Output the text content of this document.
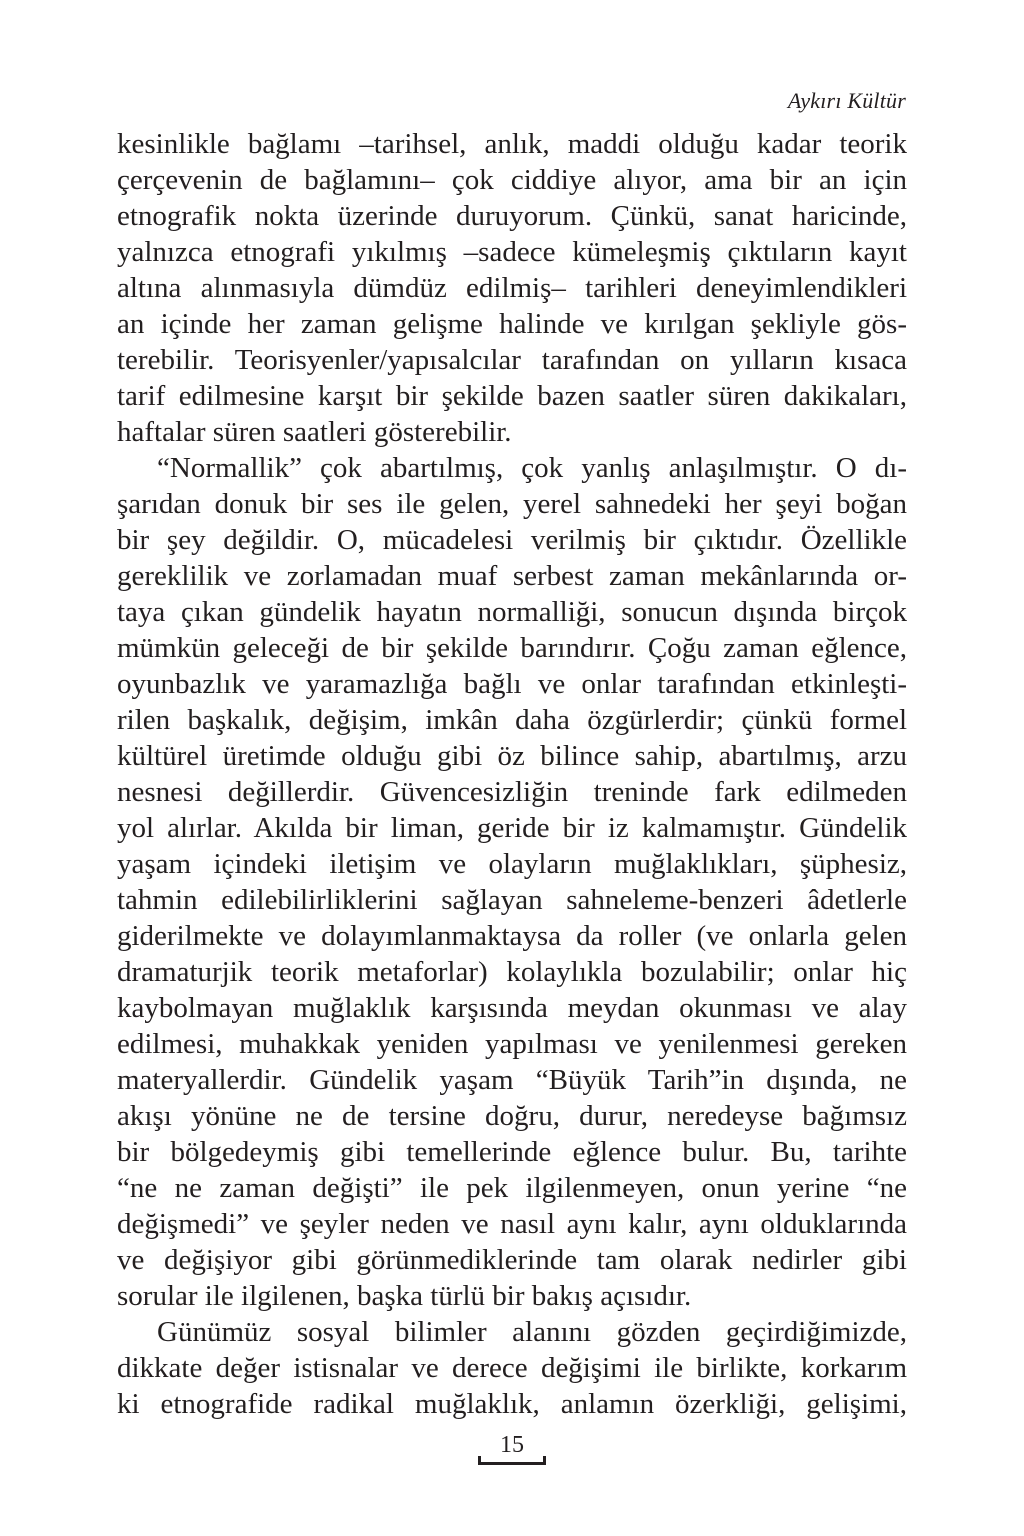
Aykırı Kültür
kesinlikle bağlamı –tarihsel, anlık, maddi olduğu kadar teorik
çerçevenin de bağlamını– çok ciddiye alıyor, ama bir an için
etnografik nokta üzerinde duruyorum. Çünkü, sanat haricinde,
yalnızca etnografi yıkılmış –sadece kümeleşmiş çıktıların kayıt
altına alınmasıyla dümdüz edilmiş– tarihleri deneyimlendikleri
an içinde her zaman gelişme halinde ve kırılgan şekliyle gös-
terebilir. Teorisyenler/yapısalcılar tarafından on yılların kısaca
tarif edilmesine karşıt bir şekilde bazen saatler süren dakikaları,
haftalar süren saatleri gösterebilir.
“Normallik” çok abartılmış, çok yanlış anlaşılmıştır. O dı-
şarıdan donuk bir ses ile gelen, yerel sahnedeki her şeyi boğan
bir şey değildir. O, mücadelesi verilmiş bir çıktıdır. Özellikle
gereklilik ve zorlamadan muaf serbest zaman mekânlarında or-
taya çıkan gündelik hayatın normalliği, sonucun dışında birçok
mümkün geleceği de bir şekilde barındırır. Çoğu zaman eğlence,
oyunbazlık ve yaramazlığa bağlı ve onlar tarafından etkinleşti-
rilen başkalık, değişim, imkân daha özgürlerdir; çünkü formel
kültürel üretimde olduğu gibi öz bilince sahip, abartılmış, arzu
nesnesi değillerdir. Güvencesizliğin treninde fark edilmeden
yol alırlar. Akılda bir liman, geride bir iz kalmamıştır. Gündelik
yaşam içindeki iletişim ve olayların muğlaklıkları, şüphesiz,
tahmin edilebilirliklerini sağlayan sahneleme-benzeri âdetlerle
giderilmekte ve dolayımlanmaktaysa da roller (ve onlarla gelen
dramaturjik teorik metaforlar) kolaylıkla bozulabilir; onlar hiç
kaybolmayan muğlaklık karşısında meydan okunması ve alay
edilmesi, muhakkak yeniden yapılması ve yenilenmesi gereken
materyallerdir. Gündelik yaşam “Büyük Tarih”in dışında, ne
akışı yönüne ne de tersine doğru, durur, neredeyse bağımsız
bir bölgedeymiş gibi temellerinde eğlence bulur. Bu, tarihte
“ne ne zaman değişti” ile pek ilgilenmeyen, onun yerine “ne
değişmedi” ve şeyler neden ve nasıl aynı kalır, aynı olduklarında
ve değişiyor gibi görünmediklerinde tam olarak nedirler gibi
sorular ile ilgilenen, başka türlü bir bakış açısıdır.
Günümüz sosyal bilimler alanını gözden geçirdiğimizde,
dikkate değer istisnalar ve derece değişimi ile birlikte, korkarım
ki etnografide radikal muğlaklık, anlamın özerkliği, gelişimi,
15
